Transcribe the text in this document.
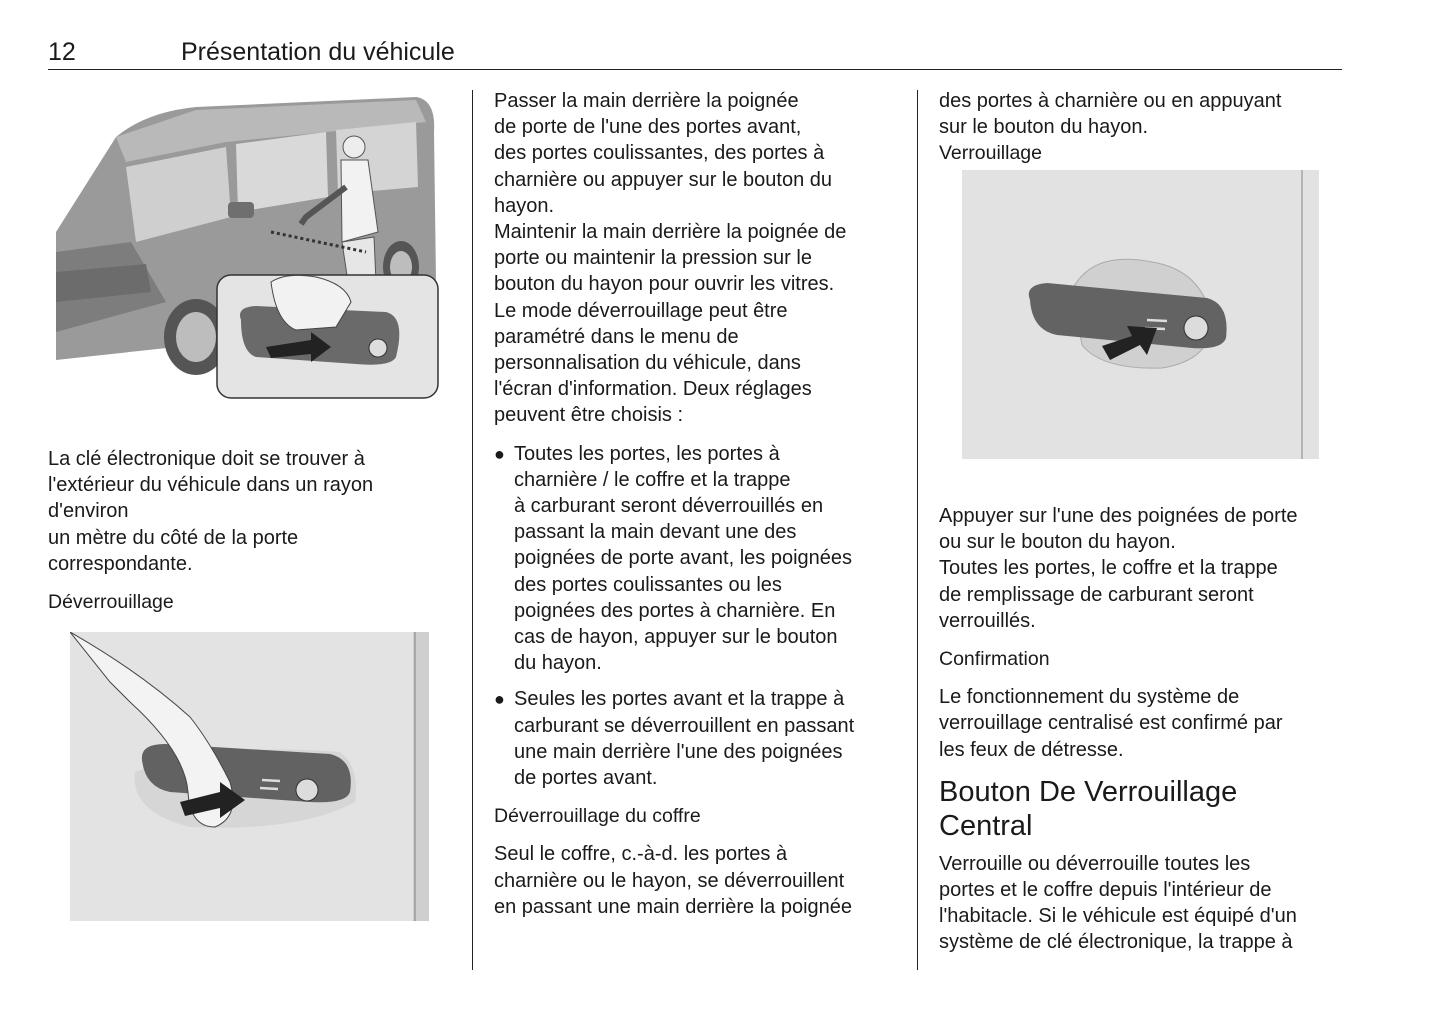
12	Présentation du véhicule

La clé électronique doit se trouver à

l'extérieur du véhicule dans un rayon

d'environ

un mètre du côté de la porte

correspondante.

Déverrouillage

Passer la main derrière la poignée

de porte de l'une des portes avant,

des portes coulissantes, des portes à

charnière ou appuyer sur le bouton du

hayon.

Maintenir la main derrière la poignée de

porte ou maintenir la pression sur le

bouton du hayon pour ouvrir les vitres.

Le mode déverrouillage peut être

paramétré dans le menu de

personnalisation du véhicule, dans

l'écran d'information. Deux réglages

peuvent être choisis :

● Toutes les portes, les portes à

charnière / le coffre et la trappe

à carburant seront déverrouillés en

passant la main devant une des

poignées de porte avant, les poignées

des portes coulissantes ou les

poignées des portes à charnière. En

cas de hayon, appuyer sur le bouton

du hayon.

● Seules les portes avant et la trappe à

carburant se déverrouillent en passant

une main derrière l'une des poignées

de portes avant.

Déverrouillage du coffre

Seul le coffre, c.-à-d. les portes à

charnière ou le hayon, se déverrouillent

en passant une main derrière la poignée

des portes à charnière ou en appuyant

sur le bouton du hayon.

Verrouillage

Appuyer sur l'une des poignées de porte

ou sur le bouton du hayon.

Toutes les portes, le coffre et la trappe

de remplissage de carburant seront

verrouillés.

Confirmation

Le fonctionnement du système de

verrouillage centralisé est confirmé par

les feux de détresse.

Bouton De Verrouillage

Central

Verrouille ou déverrouille toutes les

portes et le coffre depuis l'intérieur de

l'habitacle. Si le véhicule est équipé d'un

système de clé électronique, la trappe à
